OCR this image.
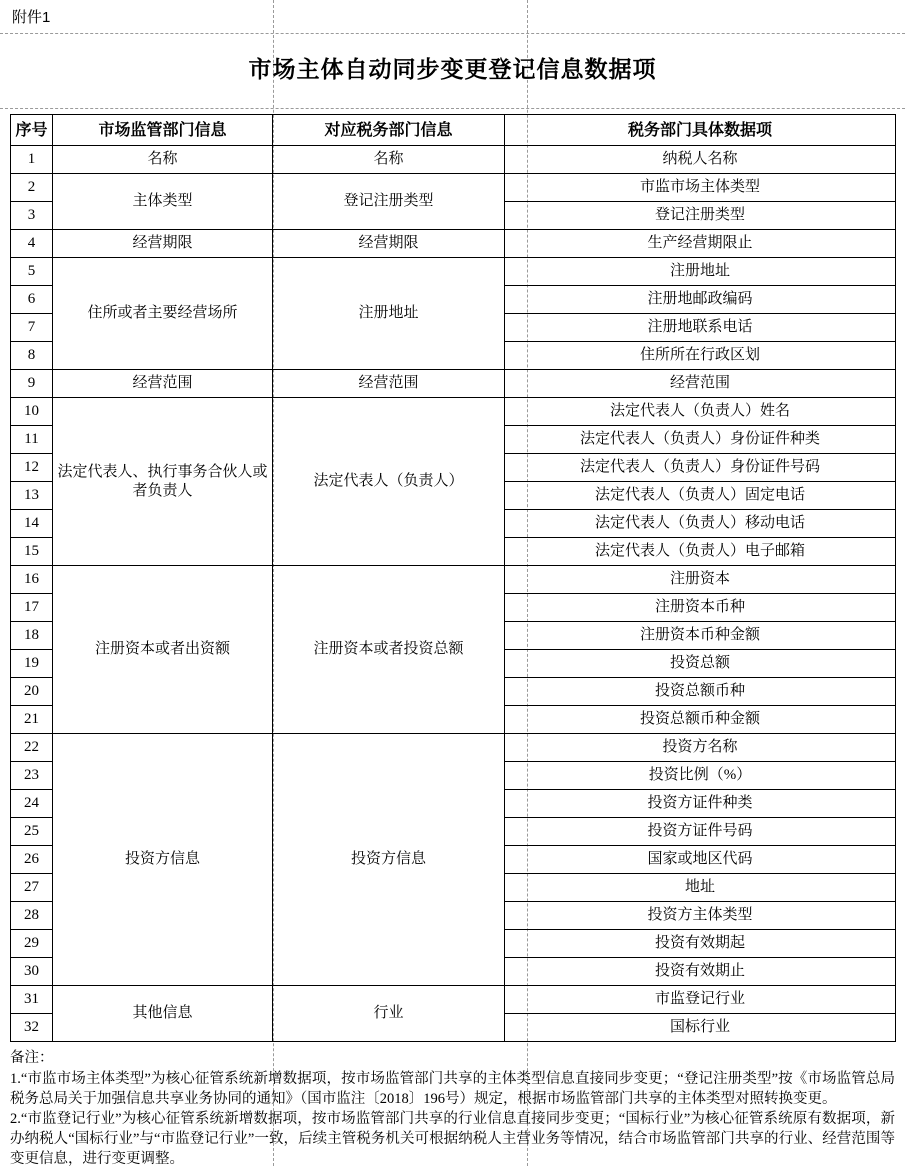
附件1
市场主体自动同步变更登记信息数据项
序号	市场监管部门信息	对应税务部门信息	税务部门具体数据项
1	名称	名称	纳税人名称
2	主体类型	登记注册类型	市监市场主体类型
3			登记注册类型
4	经营期限	经营期限	生产经营期限止
5	住所或者主要经营场所	注册地址	注册地址
6			注册地邮政编码
7			注册地联系电话
8			住所所在行政区划
9	经营范围	经营范围	经营范围
10	法定代表人、执行事务合伙人或者负责人	法定代表人（负责人）	法定代表人（负责人）姓名
11			法定代表人（负责人）身份证件种类
12			法定代表人（负责人）身份证件号码
13			法定代表人（负责人）固定电话
14			法定代表人（负责人）移动电话
15			法定代表人（负责人）电子邮箱
16	注册资本或者出资额	注册资本或者投资总额	注册资本
17			注册资本币种
18			注册资本币种金额
19			投资总额
20			投资总额币种
21			投资总额币种金额
22	投资方信息	投资方信息	投资方名称
23			投资比例（%）
24			投资方证件种类
25			投资方证件号码
26			国家或地区代码
27			地址
28			投资方主体类型
29			投资有效期起
30			投资有效期止
31	其他信息	行业	市监登记行业
32			国标行业

备注：

1.“市监市场主体类型”为核心征管系统新增数据项，按市场监管部门共享的主体类型信息直接同步变更；“登记注册类型”按《市场监管总局 税务总局关于加强信息共享业务协同的通知》（国市监注〔2018〕196号）规定，根据市场监管部门共享的主体类型对照转换变更。

2.“市监登记行业”为核心征管系统新增数据项，按市场监管部门共享的行业信息直接同步变更；“国标行业”为核心征管系统原有数据项，新办纳税人“国标行业”与“市监登记行业”一致，后续主管税务机关可根据纳税人主营业务等情况，结合市场监管部门共享的行业、经营范围等变更信息，进行变更调整。
